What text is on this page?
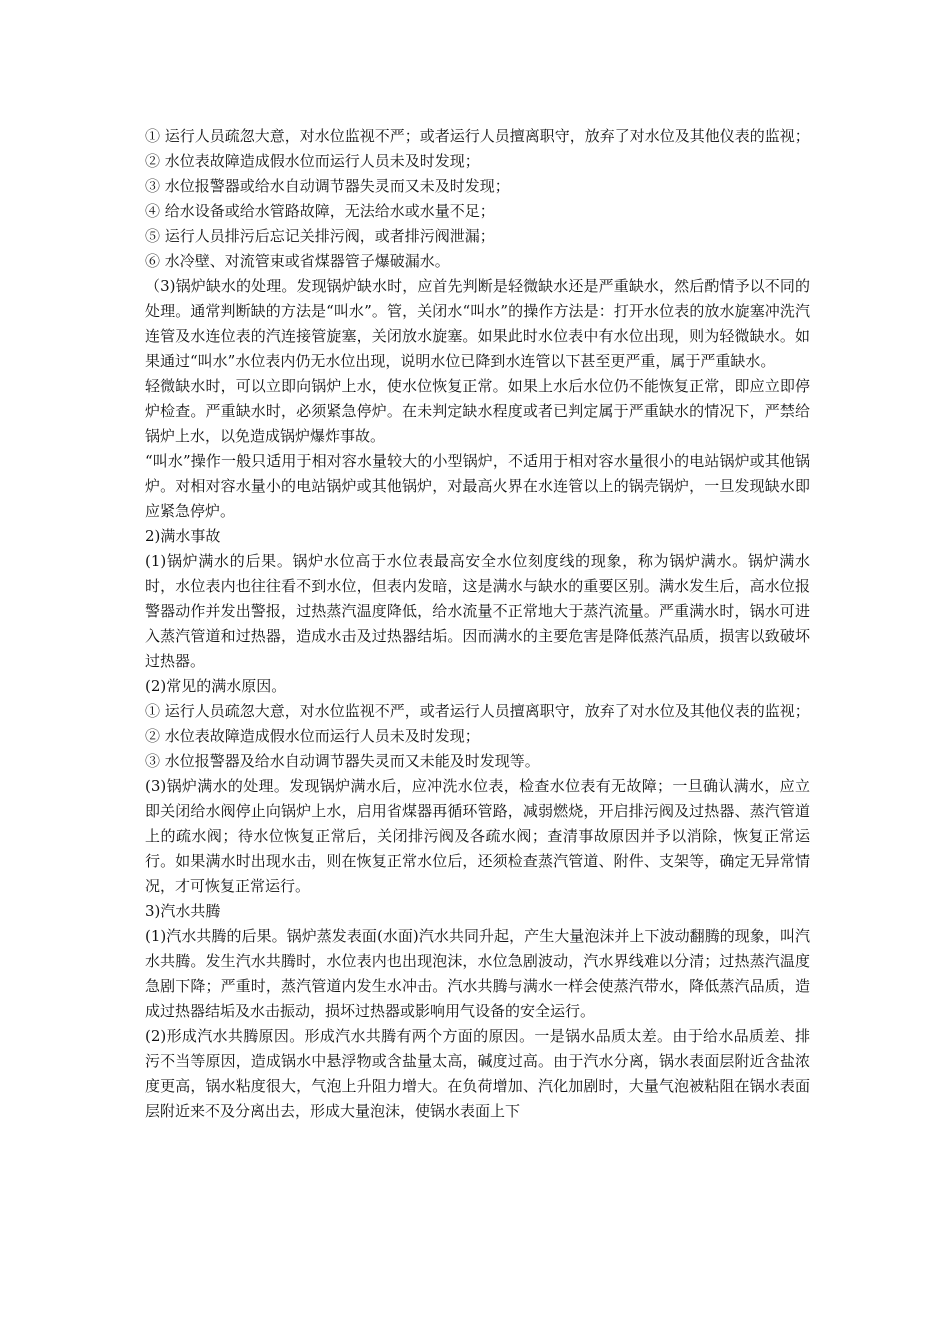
① 运行人员疏忽大意，对水位监视不严；或者运行人员擅离职守，放弃了对水位及其他仪表的监视；

② 水位表故障造成假水位而运行人员未及时发现；

③ 水位报警器或给水自动调节器失灵而又未及时发现；

④ 给水设备或给水管路故障，无法给水或水量不足；

⑤ 运行人员排污后忘记关排污阀，或者排污阀泄漏；

⑥ 水冷壁、对流管束或省煤器管子爆破漏水。

（3)锅炉缺水的处理。发现锅炉缺水时，应首先判断是轻微缺水还是严重缺水，然后酌情予以不同的处理。通常判断缺的方法是“叫水”。管，关闭水“叫水”的操作方法是：打开水位表的放水旋塞冲洗汽连管及水连位表的汽连接管旋塞，关闭放水旋塞。如果此时水位表中有水位出现，则为轻微缺水。如果通过“叫水”水位表内仍无水位出现，说明水位已降到水连管以下甚至更严重，属于严重缺水。

轻微缺水时，可以立即向锅炉上水，使水位恢复正常。如果上水后水位仍不能恢复正常，即应立即停炉检查。严重缺水时，必须紧急停炉。在未判定缺水程度或者已判定属于严重缺水的情况下，严禁给锅炉上水，以免造成锅炉爆炸事故。

“叫水”操作一般只适用于相对容水量较大的小型锅炉，不适用于相对容水量很小的电站锅炉或其他锅炉。对相对容水量小的电站锅炉或其他锅炉，对最高火界在水连管以上的锅壳锅炉，一旦发现缺水即应紧急停炉。

2)满水事故

(1)锅炉满水的后果。锅炉水位高于水位表最高安全水位刻度线的现象，称为锅炉满水。锅炉满水时，水位表内也往往看不到水位，但表内发暗，这是满水与缺水的重要区别。满水发生后，高水位报警器动作并发出警报，过热蒸汽温度降低，给水流量不正常地大于蒸汽流量。严重满水时，锅水可进入蒸汽管道和过热器，造成水击及过热器结垢。因而满水的主要危害是降低蒸汽品质，损害以致破坏过热器。

(2)常见的满水原因。

① 运行人员疏忽大意，对水位监视不严，或者运行人员擅离职守，放弃了对水位及其他仪表的监视；

② 水位表故障造成假水位而运行人员未及时发现；

③ 水位报警器及给水自动调节器失灵而又未能及时发现等。

(3)锅炉满水的处理。发现锅炉满水后，应冲洗水位表，检查水位表有无故障；一旦确认满水，应立即关闭给水阀停止向锅炉上水，启用省煤器再循环管路，减弱燃烧，开启排污阀及过热器、蒸汽管道上的疏水阀；待水位恢复正常后，关闭排污阀及各疏水阀；查清事故原因并予以消除，恢复正常运行。如果满水时出现水击，则在恢复正常水位后，还须检查蒸汽管道、附件、支架等，确定无异常情况，才可恢复正常运行。

3)汽水共腾

(1)汽水共腾的后果。锅炉蒸发表面(水面)汽水共同升起，产生大量泡沫并上下波动翻腾的现象，叫汽水共腾。发生汽水共腾时，水位表内也出现泡沫，水位急剧波动，汽水界线难以分清；过热蒸汽温度急剧下降；严重时，蒸汽管道内发生水冲击。汽水共腾与满水一样会使蒸汽带水，降低蒸汽品质，造成过热器结垢及水击振动，损坏过热器或影响用气设备的安全运行。

(2)形成汽水共腾原因。形成汽水共腾有两个方面的原因。一是锅水品质太差。由于给水品质差、排污不当等原因，造成锅水中悬浮物或含盐量太高，碱度过高。由于汽水分离，锅水表面层附近含盐浓度更高，锅水粘度很大，气泡上升阻力增大。在负荷增加、汽化加剧时，大量气泡被粘阻在锅水表面层附近来不及分离出去，形成大量泡沫，使锅水表面上下
